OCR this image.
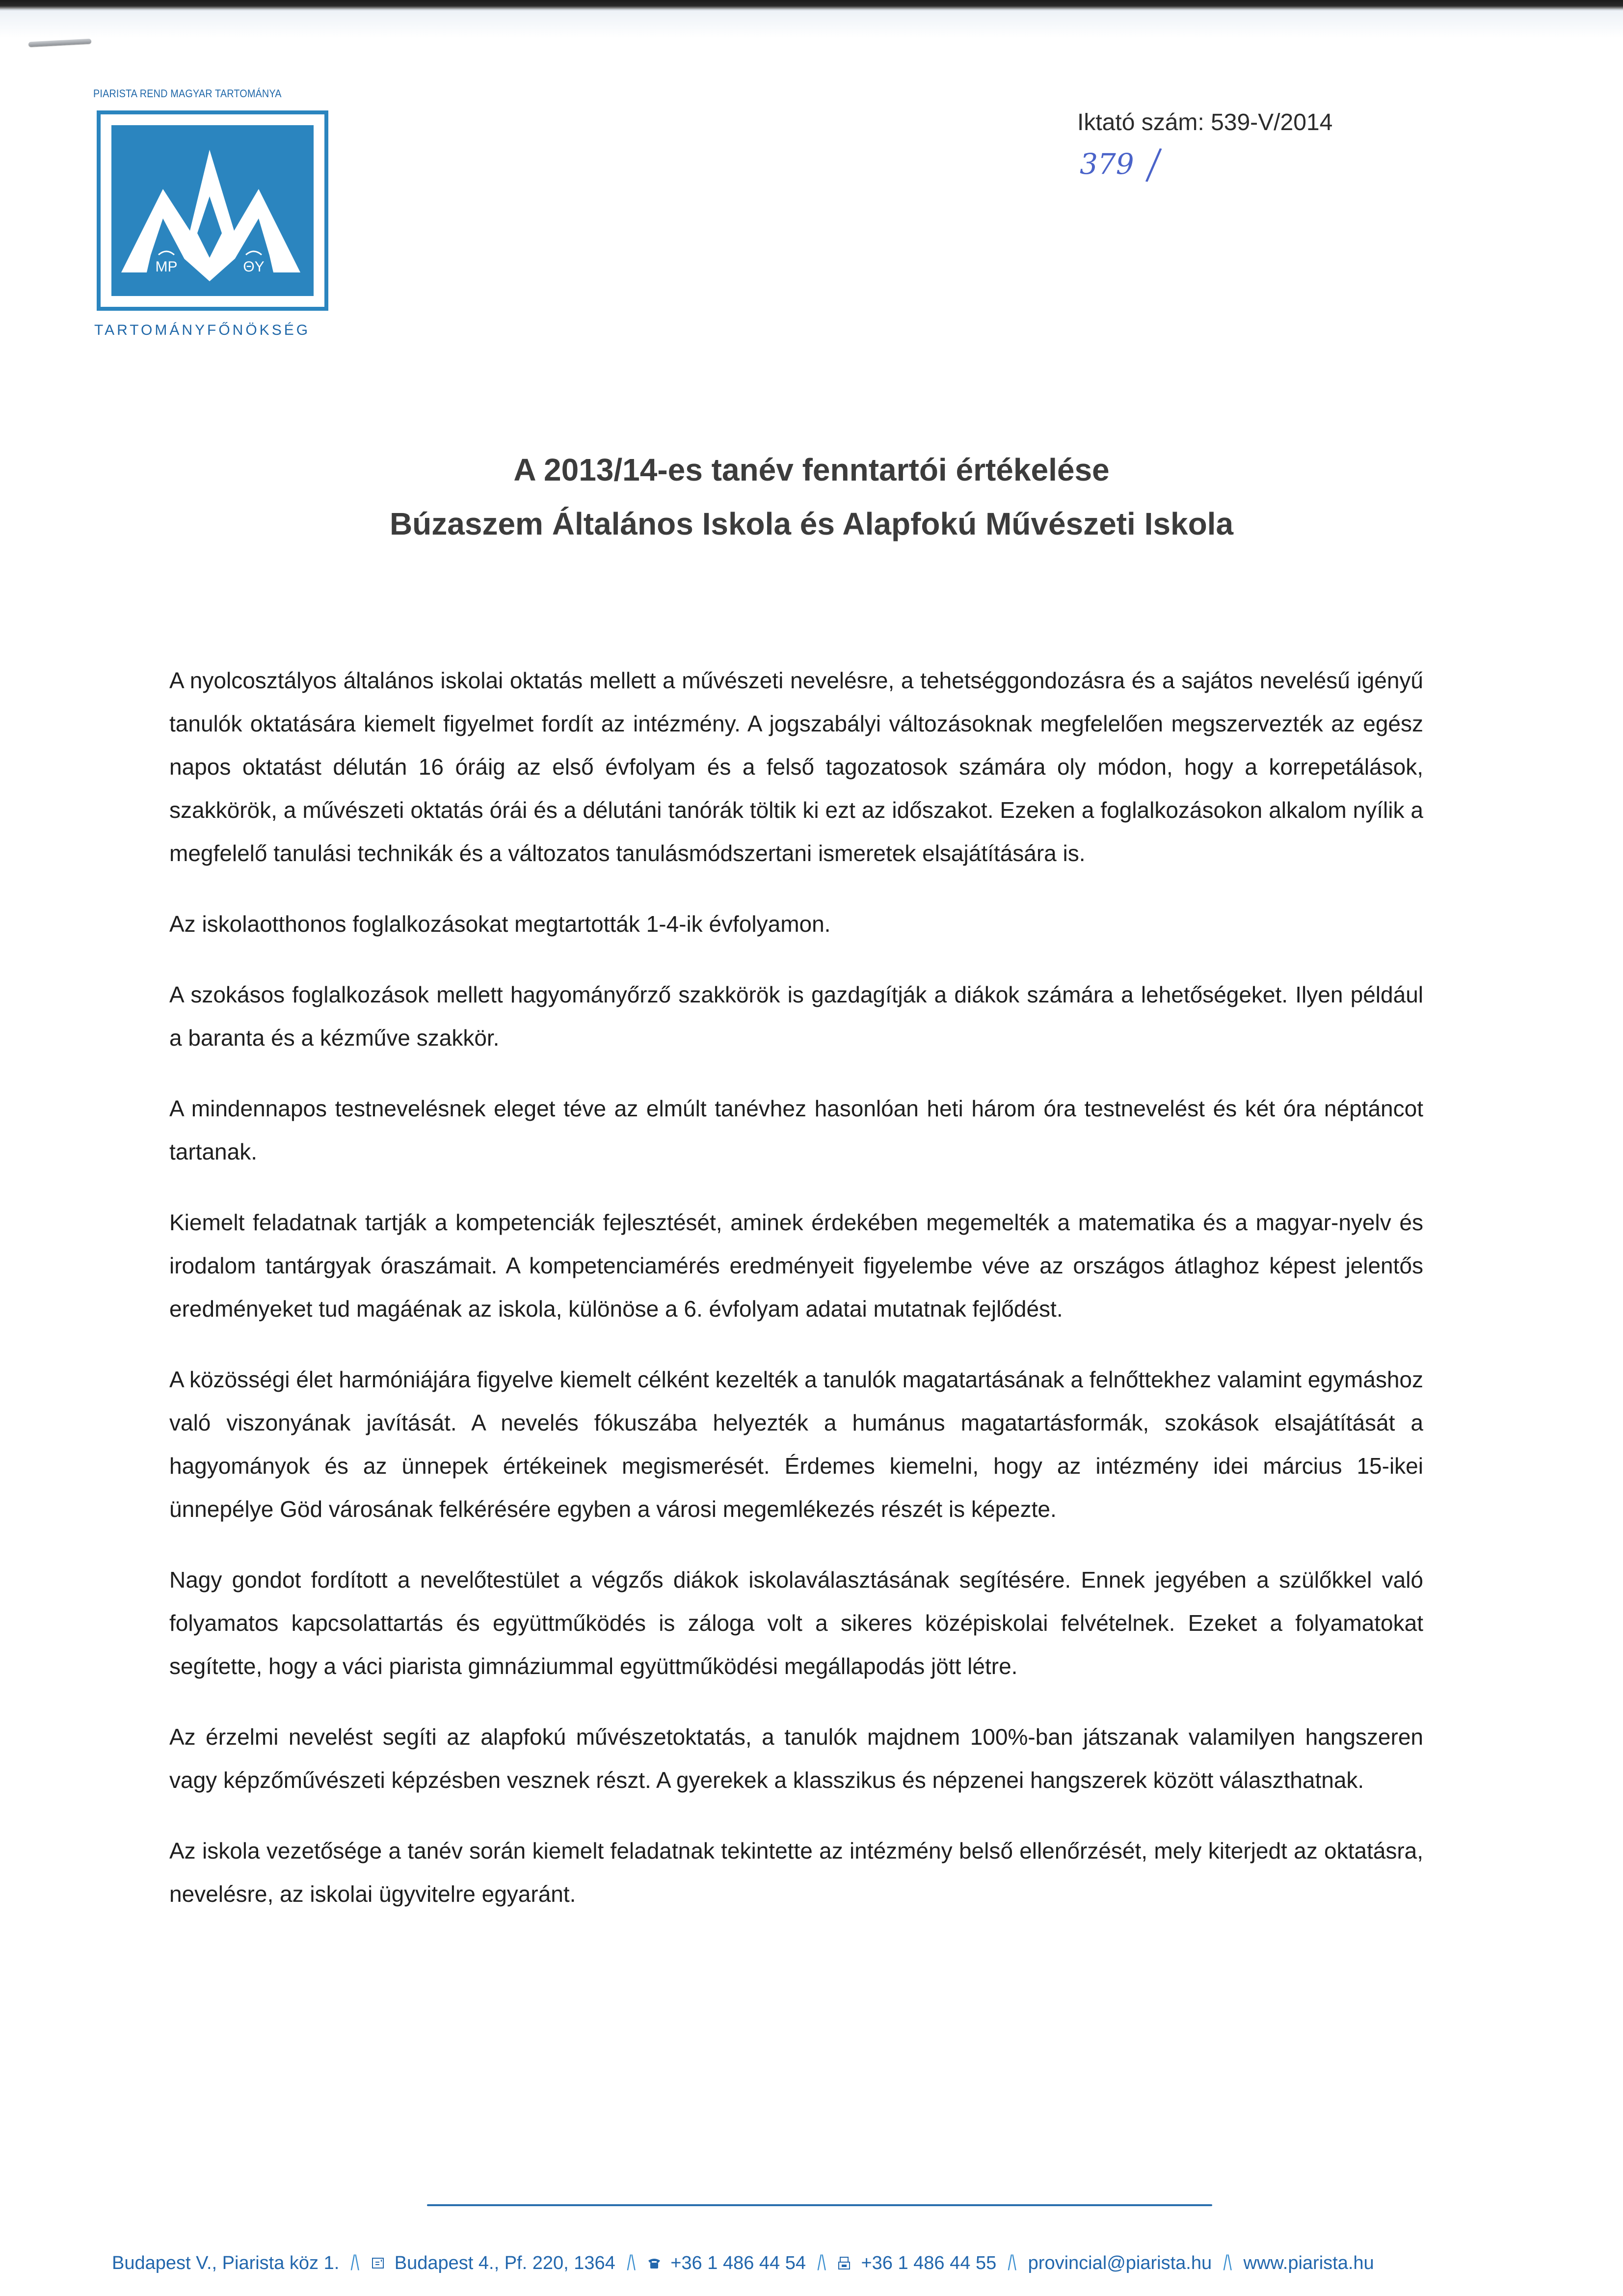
PIARISTA REND MAGYAR TARTOMÁNYA
MP	ΘY
TARTOMÁNYFŐNÖKSÉG
Iktató szám: 539-V/2014
379 /
A 2013/14-es tanév fenntartói értékelése
Búzaszem Általános Iskola és Alapfokú Művészeti Iskola

A nyolcosztályos általános iskolai oktatás mellett a művészeti nevelésre, a tehetséggondozásra és a sajátos nevelésű igényű tanulók oktatására kiemelt figyelmet fordít az intézmény. A jogszabályi változásoknak megfelelően megszervezték az egész napos oktatást délután 16 óráig az első évfolyam és a felső tagozatosok számára oly módon, hogy a korrepetálások, szakkörök, a művészeti oktatás órái és a délutáni tanórák töltik ki ezt az időszakot. Ezeken a foglalkozásokon alkalom nyílik a megfelelő tanulási technikák és a változatos tanulásmódszertani ismeretek elsajátítására is.

Az iskolaotthonos foglalkozásokat megtartották 1-4-ik évfolyamon.

A szokásos foglalkozások mellett hagyományőrző szakkörök is gazdagítják a diákok számára a lehetőségeket. Ilyen például a baranta és a kézműve szakkör.

A mindennapos testnevelésnek eleget téve az elmúlt tanévhez hasonlóan heti három óra testnevelést és két óra néptáncot tartanak.

Kiemelt feladatnak tartják a kompetenciák fejlesztését, aminek érdekében megemelték a matematika és a magyar-nyelv és irodalom tantárgyak óraszámait. A kompetenciamérés eredményeit figyelembe véve az országos átlaghoz képest jelentős eredményeket tud magáénak az iskola, különöse a 6. évfolyam adatai mutatnak fejlődést.

A közösségi élet harmóniájára figyelve kiemelt célként kezelték a tanulók magatartásának a felnőttekhez valamint egymáshoz való viszonyának javítását. A nevelés fókuszába helyezték a humánus magatartásformák, szokások elsajátítását a hagyományok és az ünnepek értékeinek megismerését. Érdemes kiemelni, hogy az intézmény idei március 15-ikei ünnepélye Göd városának felkérésére egyben a városi megemlékezés részét is képezte.

Nagy gondot fordított a nevelőtestület a végzős diákok iskolaválasztásának segítésére. Ennek jegyében a szülőkkel való folyamatos kapcsolattartás és együttműködés is záloga volt a sikeres középiskolai felvételnek. Ezeket a folyamatokat segítette, hogy a váci piarista gimnáziummal együttműködési megállapodás jött létre.

Az érzelmi nevelést segíti az alapfokú művészetoktatás, a tanulók majdnem 100%-ban játszanak valamilyen hangszeren vagy képzőművészeti képzésben vesznek részt. A gyerekek a klasszikus és népzenei hangszerek között választhatnak.

Az iskola vezetősége a tanév során kiemelt feladatnak tekintette az intézmény belső ellenőrzését, mely kiterjedt az oktatásra, nevelésre, az iskolai ügyvitelre egyaránt.

Budapest V., Piarista köz 1. /\ Budapest 4., Pf. 220, 1364 /\ +36 1 486 44 54 /\ +36 1 486 44 55 /\ provincial@piarista.hu /\ www.piarista.hu
